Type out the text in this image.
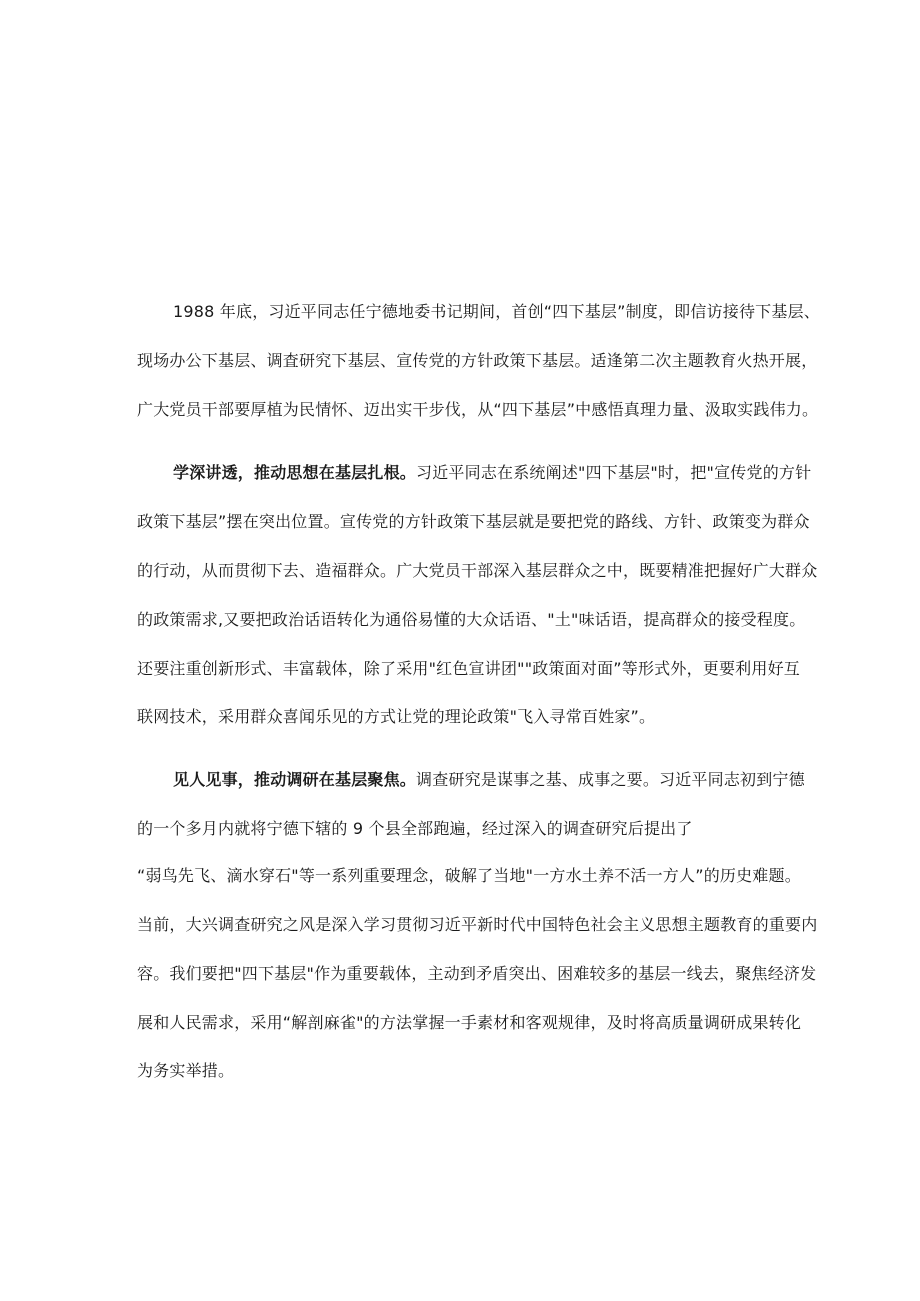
1988 年底，习近平同志任宁德地委书记期间，首创“四下基层”制度，即信访接待下基层、
现场办公下基层、调査研究下基层、宣传党的方针政策下基层。适逢第二次主题教育火热开展，
广大党员干部要厚植为民情怀、迈出实干步伐，从“四下基层”中感悟真理力量、汲取实践伟力。
学深讲透，推动思想在基层扎根。习近平同志在系统阐述"四下基层"时，把"宣传党的方针
政策下基层”摆在突出位置。宣传党的方针政策下基层就是要把党的路线、方针、政策变为群众
的行动，从而贯彻下去、造福群众。广大党员干部深入基层群众之中，既要精准把握好广大群众
的政策需求,又要把政治话语转化为通俗易懂的大众话语、"土"味话语，提高群众的接受程度。
还要注重创新形式、丰富载体，除了采用"红色宣讲团""政策面对面”等形式外，更要利用好互
联网技术，采用群众喜闻乐见的方式让党的理论政策"飞入寻常百姓家”。
见人见事，推动调研在基层聚焦。调查研究是谋事之基、成事之要。习近平同志初到宁德
的一个多月内就将宁德下辖的 9 个县全部跑遍，经过深入的调查研究后提出了
“弱鸟先飞、滴水穿石"等一系列重要理念，破解了当地"一方水土养不活一方人”的历史难题。
当前，大兴调查研究之风是深入学习贯彻习近平新时代中国特色社会主义思想主题教育的重要内
容。我们要把"四下基层"作为重要载体，主动到矛盾突出、困难较多的基层一线去，聚焦经济发
展和人民需求，采用“解剖麻雀"的方法掌握一手素材和客观规律，及时将高质量调研成果转化
为务实举措。
